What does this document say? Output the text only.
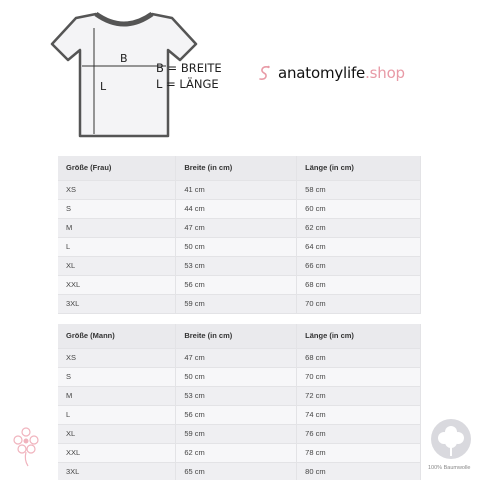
B
L
B = BREITE
L = LÄNGE
anatomylife .shop
Größe (Frau)	Breite (in cm)	Länge (in cm)
XS	41 cm	58 cm
S	44 cm	60 cm
M	47 cm	62 cm
L	50 cm	64 cm
XL	53 cm	66 cm
XXL	56 cm	68 cm
3XL	59 cm	70 cm
Größe (Mann)	Breite (in cm)	Länge (in cm)
XS	47 cm	68 cm
S	50 cm	70 cm
M	53 cm	72 cm
L	56 cm	74 cm
XL	59 cm	76 cm
XXL	62 cm	78 cm
3XL	65 cm	80 cm	100% Baumwolle
